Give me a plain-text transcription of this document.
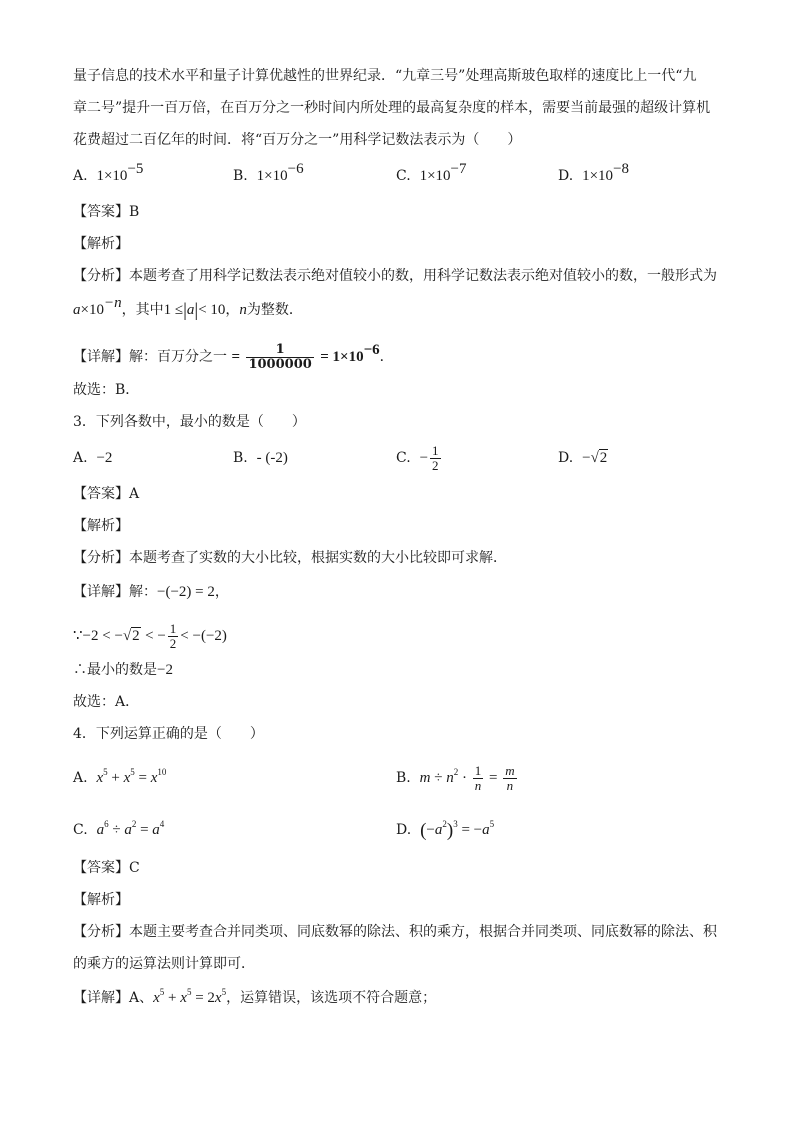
量子信息的技术水平和量子计算优越性的世界纪录．“九章三号”处理高斯玻色取样的速度比上一代“九
章二号”提升一百万倍，在百万分之一秒时间内所处理的最高复杂度的样本，需要当前最强的超级计算机
花费超过二百亿年的时间．将“百万分之一”用科学记数法表示为（　　）
A. $1\times 10^{-5}$	B. $1\times 10^{-6}$	C. $1\times 10^{-7}$	D. $1\times 10^{-8}$
【答案】B
【解析】
【分析】本题考查了用科学记数法表示绝对值较小的数，用科学记数法表示绝对值较小的数，一般形式为
$a\times 10^{-n}$，其中1 ≤|a|< 10，n为整数．
【详解】解：百万分之一 = $\frac{1}{1000000} = 1\times 10^{-6}$．
故选：B．
3．下列各数中，最小的数是（　　）
A. −2	B. - (-2)	C. − $\frac{1}{2}$	D. −√2
【答案】A
【解析】
【分析】本题考查了实数的大小比较，根据实数的大小比较即可求解．
【详解】解：−(−2) = 2，
∵−2 < −√2 < − $\frac{1}{2} < -(-2)$
∴最小的数是−2
故选：A．
4．下列运算正确的是（　　）
A. $x^5 + x^5 = x^{10}$	B. $m \div n^2 \cdot \frac{1}{n} = \frac{m}{n}$
C. $a^6 \div a^2 = a^4$	D. $(-a^2)^3 = -a^5$
【答案】C
【解析】
【分析】本题主要考查合并同类项、同底数幂的除法、积的乘方，根据合并同类项、同底数幂的除法、积
的乘方的运算法则计算即可．
【详解】A、$x^5 + x^5 = 2x^5$，运算错误，该选项不符合题意；
